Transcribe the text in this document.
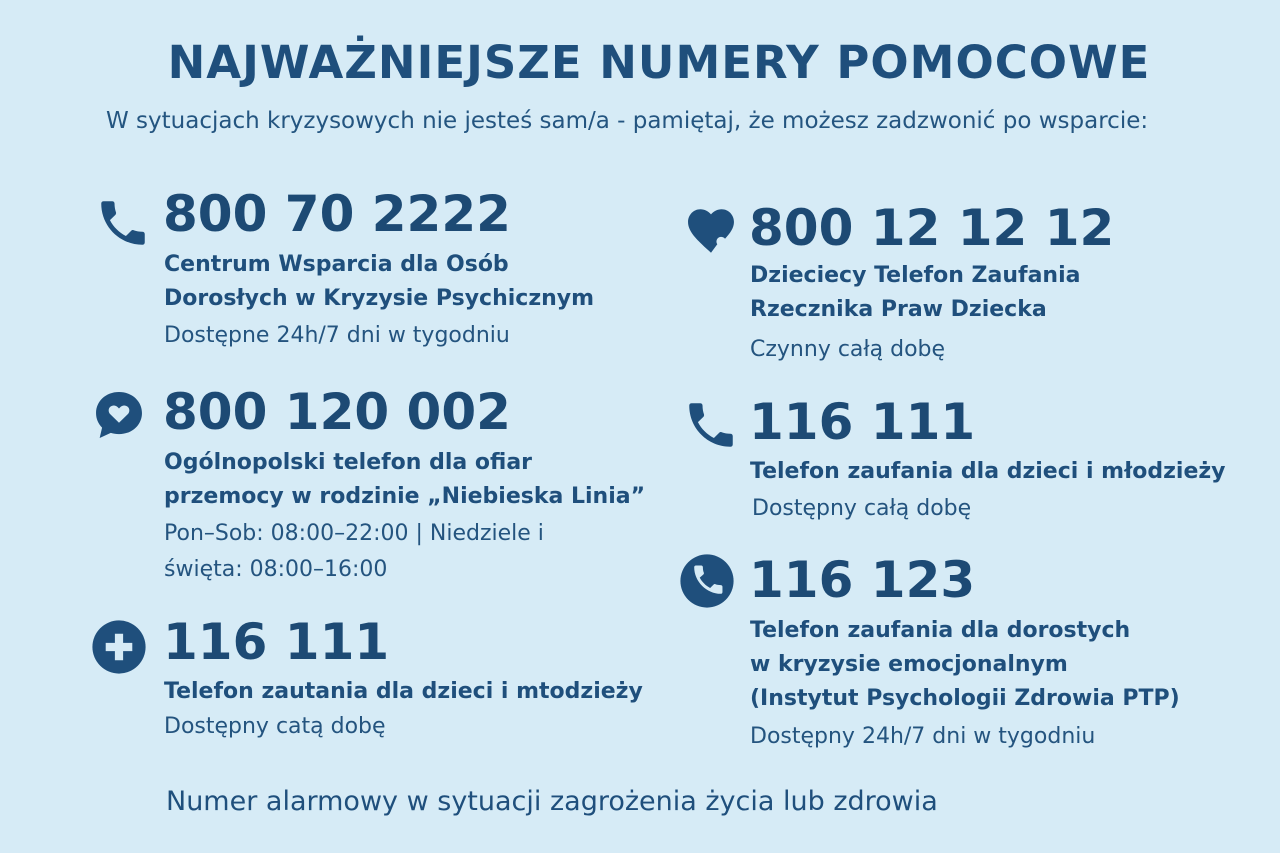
NAJWAŻNIEJSZE NUMERY POMOCOWE
W sytuacjach kryzysowych nie jesteś sam/a - pamiętaj, że możesz zadzwonić po wsparcie:
800 70 2222
Centrum Wsparcia dla Osób
Dorosłych w Kryzysie Psychicznym
Dostępne 24h/7 dni w tygodniu
800 120 002
Ogólnopolski telefon dla ofiar
przemocy w rodzinie „Niebieska Linia”
Pon–Sob: 08:00–22:00 | Niedziele i
święta: 08:00–16:00
116 111
Telefon zautania dla dzieci i mtodzieży
Dostępny catą dobę
800 12 12 12
Dzieciecy Telefon Zaufania
Rzecznika Praw Dziecka
Czynny całą dobę
116 111
Telefon zaufania dla dzieci i młodzieży
Dostępny całą dobę
116 123
Telefon zaufania dla dorostych
w kryzysie emocjonalnym
(Instytut Psychologii Zdrowia PTP)
Dostępny 24h/7 dni w tygodniu
Numer alarmowy w sytuacji zagrożenia życia lub zdrowia
